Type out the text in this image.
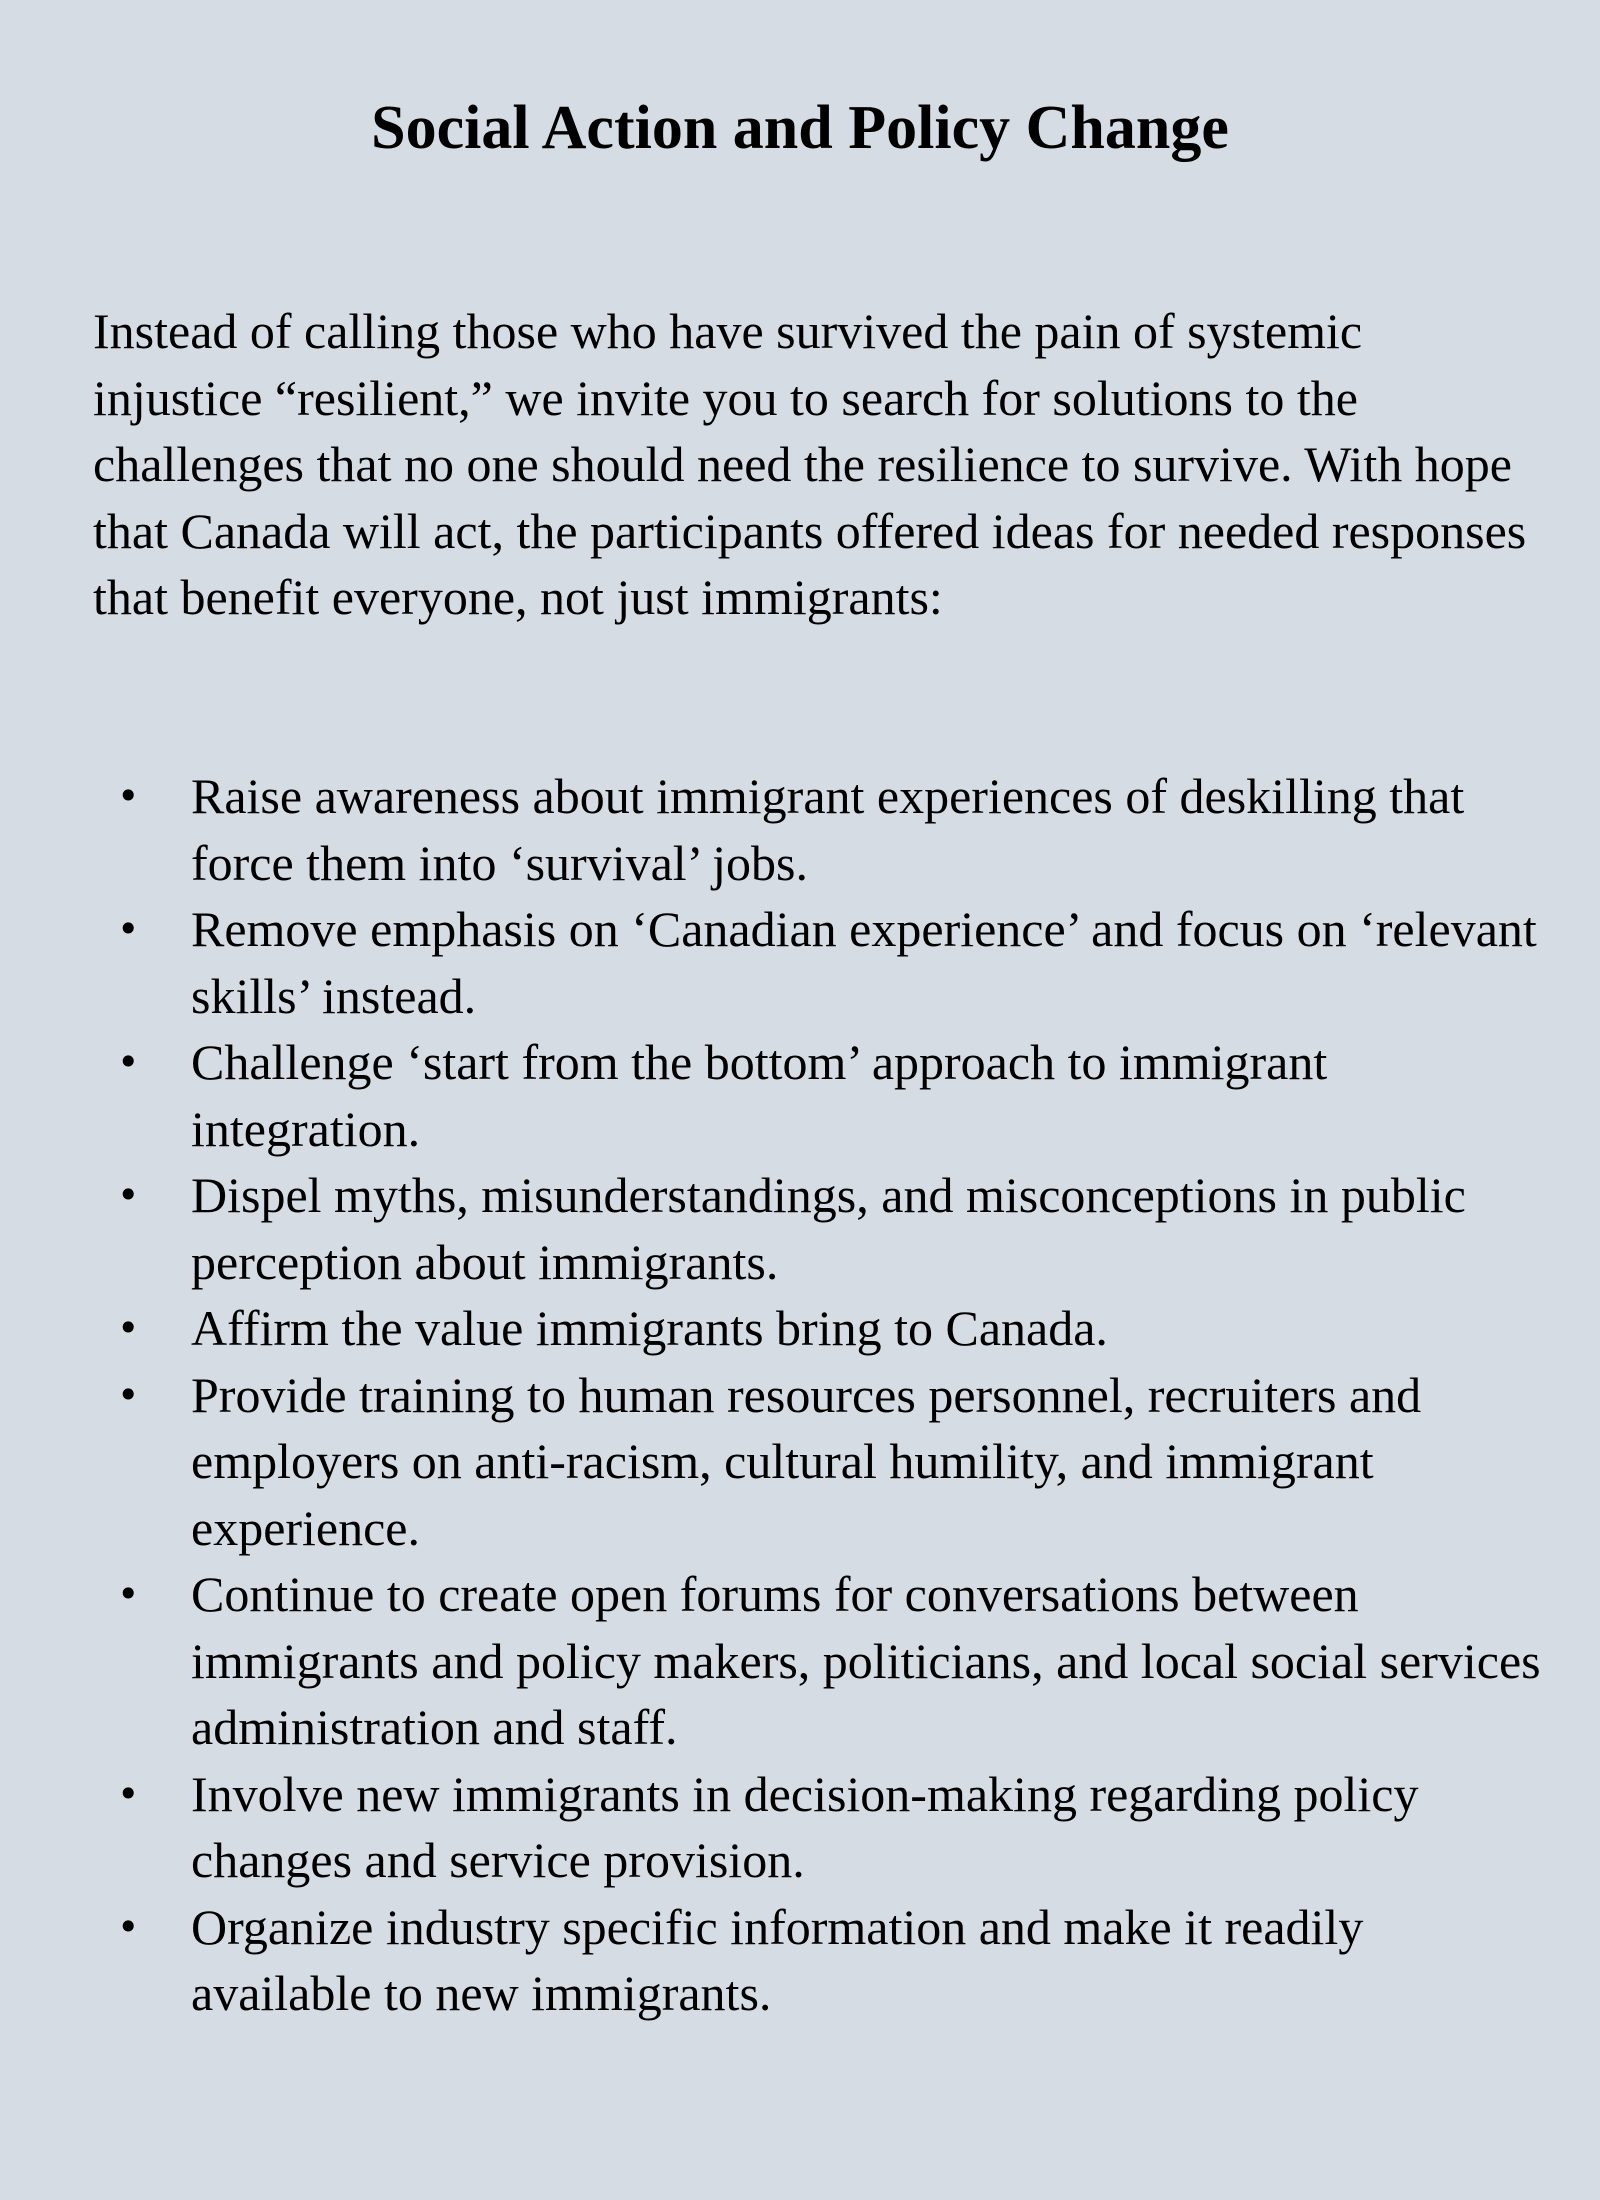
Social Action and Policy Change

Instead of calling those who have survived the pain of systemic injustice “resilient,” we invite you to search for solutions to the challenges that no one should need the resilience to survive. With hope that Canada will act, the participants offered ideas for needed responses that benefit everyone, not just immigrants:

• Raise awareness about immigrant experiences of deskilling that force them into ‘survival’ jobs.
• Remove emphasis on ‘Canadian experience’ and focus on ‘relevant skills’ instead.
• Challenge ‘start from the bottom’ approach to immigrant integration.
• Dispel myths, misunderstandings, and misconceptions in public perception about immigrants.
• Affirm the value immigrants bring to Canada.
• Provide training to human resources personnel, recruiters and employers on anti-racism, cultural humility, and immigrant experience.
• Continue to create open forums for conversations between immigrants and policy makers, politicians, and local social services administration and staff.
• Involve new immigrants in decision-making regarding policy changes and service provision.
• Organize industry specific information and make it readily available to new immigrants.
